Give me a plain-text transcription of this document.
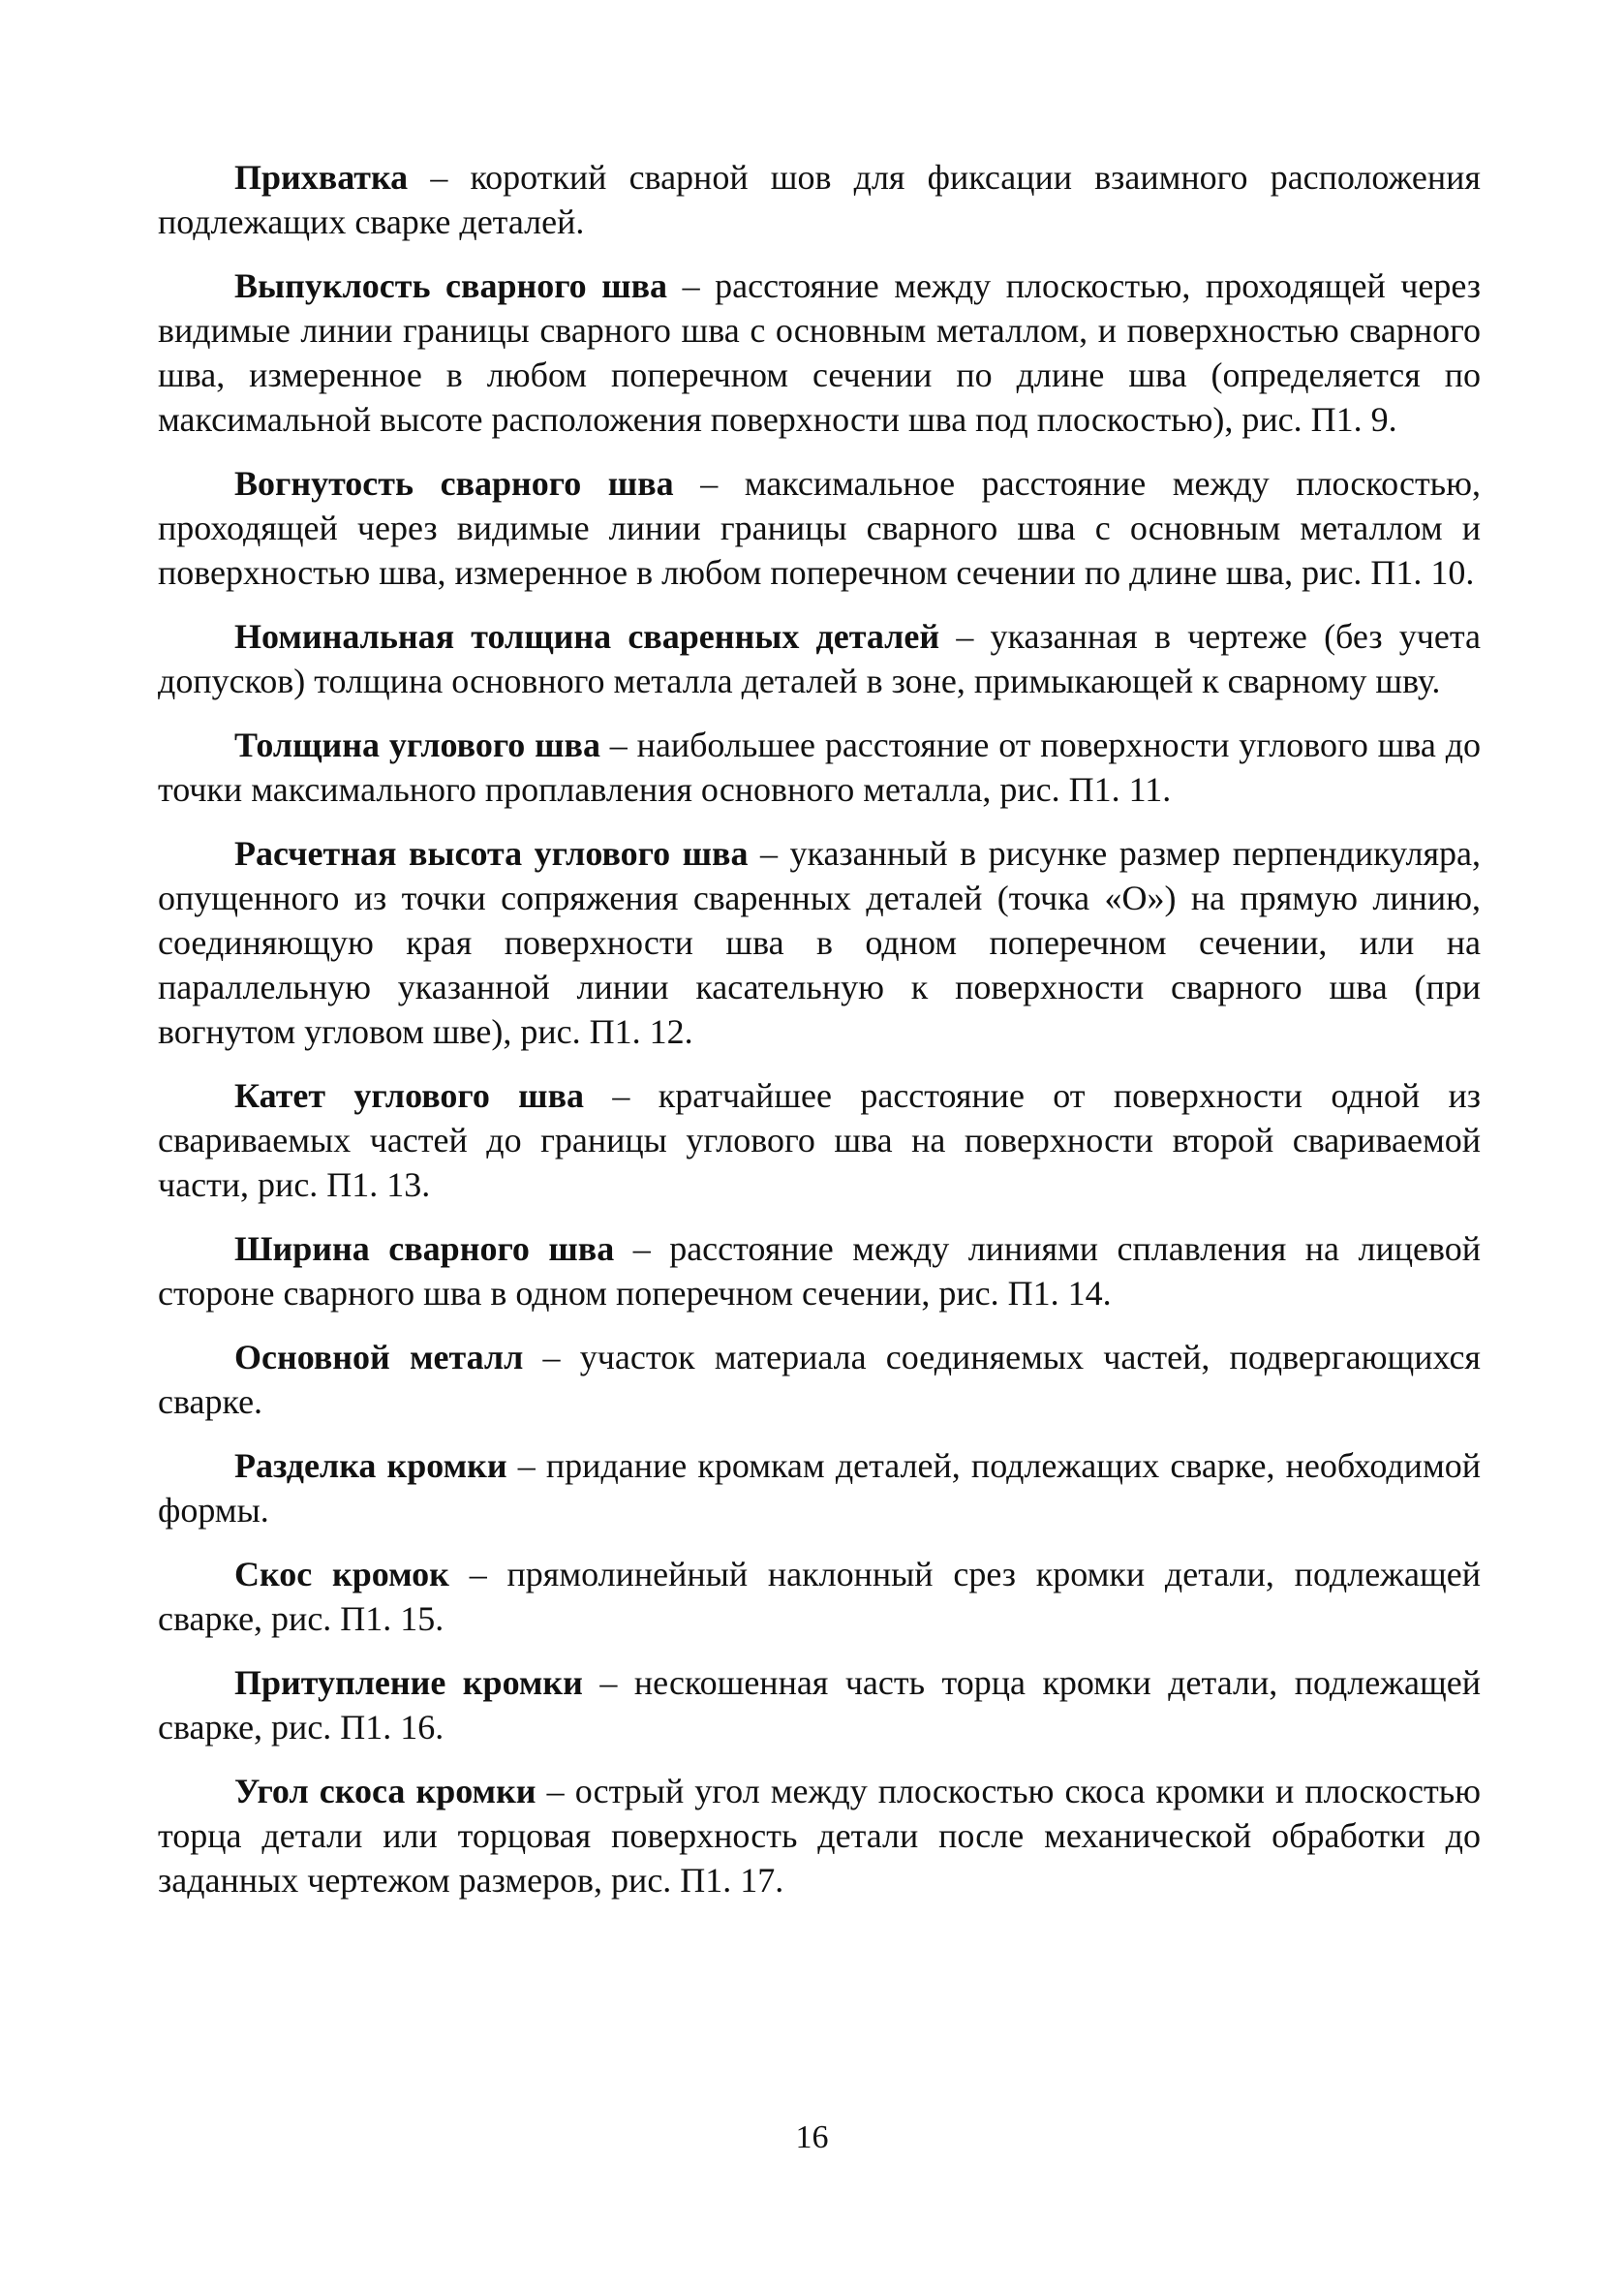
Прихватка – короткий сварной шов для фиксации взаимного расположения подлежащих сварке деталей.

Выпуклость сварного шва – расстояние между плоскостью, проходящей через видимые линии границы сварного шва с основным металлом, и поверхностью сварного шва, измеренное в любом поперечном сечении по длине шва (определяется по максимальной высоте расположения поверхности шва под плоскостью), рис. П1. 9.

Вогнутость сварного шва – максимальное расстояние между плоскостью, проходящей через видимые линии границы сварного шва с основным металлом и поверхностью шва, измеренное в любом поперечном сечении по длине шва, рис. П1. 10.

Номинальная толщина сваренных деталей – указанная в чертеже (без учета допусков) толщина основного металла деталей в зоне, примыкающей к сварному шву.

Толщина углового шва – наибольшее расстояние от поверхности углового шва до точки максимального проплавления основного металла, рис. П1. 11.

Расчетная высота углового шва – указанный в рисунке размер перпендикуляра, опущенного из точки сопряжения сваренных деталей (точка «О») на прямую линию, соединяющую края поверхности шва в одном поперечном сечении, или на параллельную указанной линии касательную к поверхности сварного шва (при вогнутом угловом шве), рис. П1. 12.

Катет углового шва – кратчайшее расстояние от поверхности одной из свариваемых частей до границы углового шва на поверхности второй свариваемой части, рис. П1. 13.

Ширина сварного шва – расстояние между линиями сплавления на лицевой стороне сварного шва в одном поперечном сечении, рис. П1. 14.

Основной металл – участок материала соединяемых частей, подвергающихся сварке.

Разделка кромки – придание кромкам деталей, подлежащих сварке, необходимой формы.

Скос кромок – прямолинейный наклонный срез кромки детали, подлежащей сварке, рис. П1. 15.

Притупление кромки – нескошенная часть торца кромки детали, подлежащей сварке, рис. П1. 16.

Угол скоса кромки – острый угол между плоскостью скоса кромки и плоскостью торца детали или торцовая поверхность детали после механической обработки до заданных чертежом размеров, рис. П1. 17.

16
